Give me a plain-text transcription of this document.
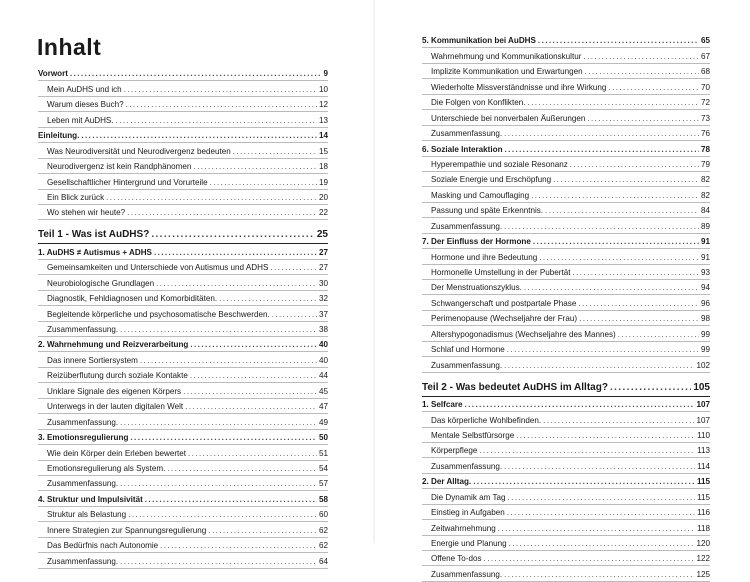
Inhalt
Vorwort .....	9
Mein AuDHS und ich .....	10
Warum dieses Buch? .....	12
Leben mit AuDHS. .....	13
Einleitung. .....	14
Was Neurodiversität und Neurodivergenz bedeuten .....	15
Neurodivergenz ist kein Randphänomen .....	18
Gesellschaftlicher Hintergrund und Vorurteile .....	19
Ein Blick zurück .....	20
Wo stehen wir heute? .....	22
Teil 1 - Was ist AuDHS? .....	25
1. AuDHS ≠ Autismus + ADHS .....	27
Gemeinsamkeiten und Unterschiede von Autismus und ADHS .....	27
Neurobiologische Grundlagen .....	30
Diagnostik, Fehldiagnosen und Komorbiditäten. .....	32
Begleitende körperliche und psychosomatische Beschwerden. .....	37
Zusammenfassung. .....	38
2. Wahrnehmung und Reizverarbeitung .....	40
Das innere Sortiersystem .....	40
Reizüberflutung durch soziale Kontakte .....	44
Unklare Signale des eigenen Körpers .....	45
Unterwegs in der lauten digitalen Welt .....	47
Zusammenfassung. .....	49
3. Emotionsregulierung .....	50
Wie dein Körper dein Erleben bewertet .....	51
Emotionsregulierung als System. .....	54
Zusammenfassung. .....	57
4. Struktur und Impulsivität .....	58
Struktur als Belastung .....	60
Innere Strategien zur Spannungsregulierung .....	62
Das Bedürfnis nach Autonomie .....	62
Zusammenfassung. .....	64
5. Kommunikation bei AuDHS .....	65
Wahrnehmung und Kommunikationskultur .....	67
Implizite Kommunikation und Erwartungen .....	68
Wiederholte Missverständnisse und ihre Wirkung .....	70
Die Folgen von Konflikten. .....	72
Unterschiede bei nonverbalen Äußerungen .....	73
Zusammenfassung. .....	76
6. Soziale Interaktion .....	78
Hyperempathie und soziale Resonanz .....	79
Soziale Energie und Erschöpfung .....	82
Masking und Camouflaging .....	82
Passung und späte Erkenntnis. .....	84
Zusammenfassung. .....	89
7. Der Einfluss der Hormone .....	91
Hormone und ihre Bedeutung .....	91
Hormonelle Umstellung in der Pubertät .....	93
Der Menstruationszyklus. .....	94
Schwangerschaft und postpartale Phase .....	96
Perimenopause (Wechseljahre der Frau) .....	98
Altershypogonadismus (Wechseljahre des Mannes) .....	99
Schlaf und Hormone .....	99
Zusammenfassung. .....	102
Teil 2 - Was bedeutet AuDHS im Alltag? .....	105
1. Selfcare .....	107
Das körperliche Wohlbefinden. .....	107
Mentale Selbstfürsorge .....	110
Körperpflege .....	113
Zusammenfassung. .....	114
2. Der Alltag. .....	115
Die Dynamik am Tag .....	115
Einstieg in Aufgaben .....	116
Zeitwahrnehmung .....	118
Energie und Planung .....	120
Offene To-dos .....	122
Zusammenfassung. .....	125
